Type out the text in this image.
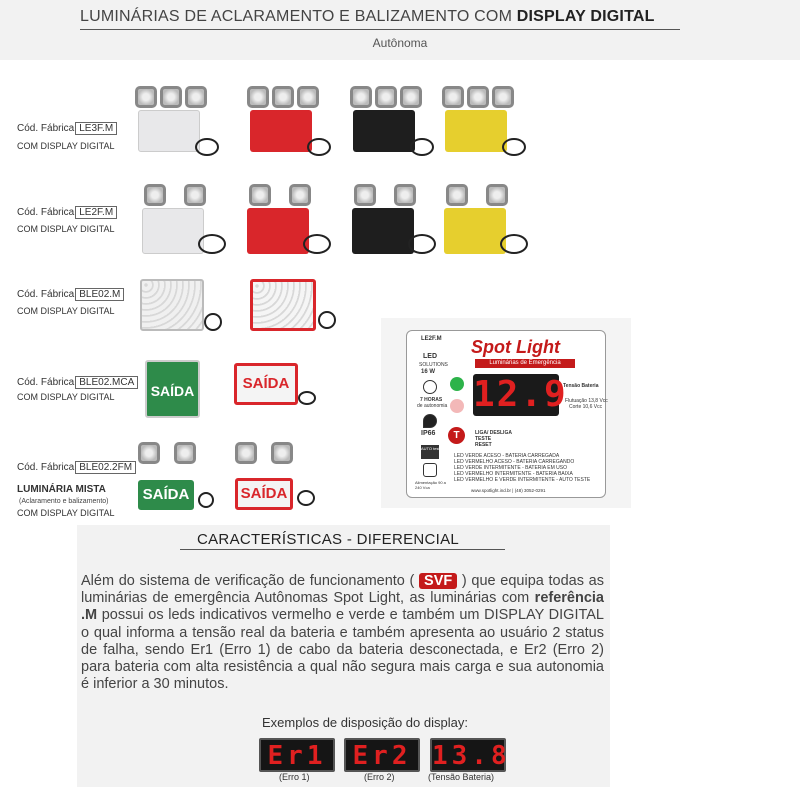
LUMINÁRIAS DE ACLARAMENTO E BALIZAMENTO COM DISPLAY DIGITAL
Autônoma
Cód. Fábrica LE3F.M
COM DISPLAY DIGITAL
Cód. Fábrica LE2F.M
COM DISPLAY DIGITAL
Cód. Fábrica BLE02.M
COM DISPLAY DIGITAL
Cód. Fábrica BLE02.MCA
COM DISPLAY DIGITAL
Cód. Fábrica BLE02.2FM
LUMINÁRIA MISTA
(Aclaramento e balizamento)
COM DISPLAY DIGITAL
SAÍDA	SAÍDA
SAÍDA	SAÍDA
LE2F.M Spot Light
Luminárias de Emergência
LED
SOLUTIONS
16 W
7 HORAS
de autonomia
IP66
AUTO teste
Alimentação 90 a 240 Vca
12.9
Tensão Bateria
Flutuação 13,8 Vcc
Corte 10,6 Vcc
T	LIGA/ DESLIGA
TESTE
RESET
LED VERDE ACESO - BATERIA CARREGADA
LED VERMELHO ACESO - BATERIA CARREGANDO
LED VERDE INTERMITENTE - BATERIA EM USO
LED VERMELHO INTERMITENTE - BATERIA BAIXA
LED VERMELHO E VERDE INTERMITENTE - AUTO TESTE
www.spotlight.ind.br | (48) 3052-0291
CARACTERÍSTICAS - DIFERENCIAL
Além do sistema de verificação de funcionamento ( SVF ) que equipa todas as luminárias de emergência Autônomas Spot Light, as luminárias com referência .M possui os leds indicativos vermelho e verde e também um DISPLAY DIGITAL o qual informa a tensão real da bateria e também apresenta ao usuário 2 status de falha, sendo Er1 (Erro 1) de cabo da bateria desconectada, e Er2 (Erro 2) para bateria com alta resistência a qual não segura mais carga e sua autonomia é inferior a 30 minutos.
Exemplos de disposição do display:
Er1	Er2 13.8
(Erro 1)	(Erro 2)	(Tensão Bateria)
